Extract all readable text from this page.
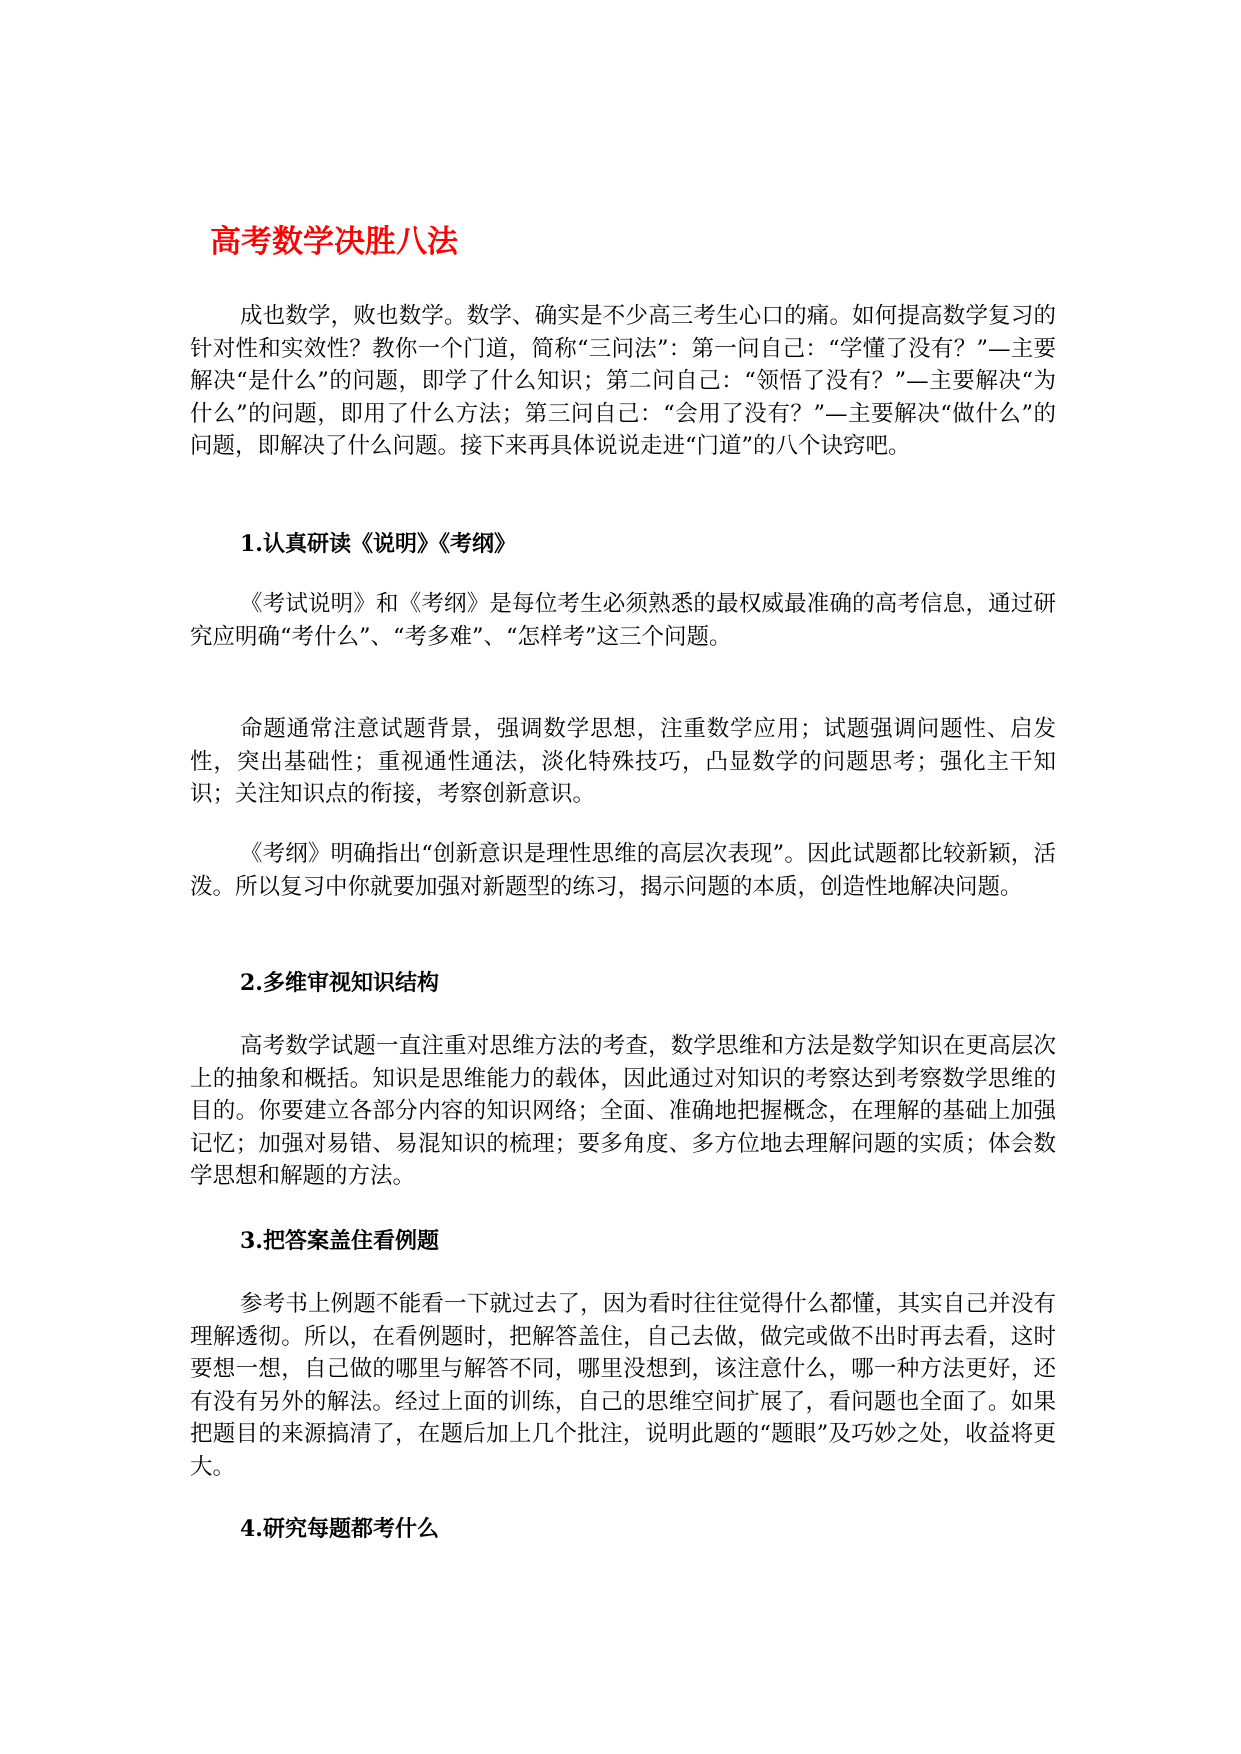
高考数学决胜八法

成也数学，败也数学。数学、确实是不少高三考生心口的痛。如何提高数学复习的针对性和实效性？教你一个门道，简称“三问法”：第一问自己：“学懂了没有？”—主要解决“是什么”的问题，即学了什么知识；第二问自己：“领悟了没有？”—主要解决“为什么”的问题，即用了什么方法；第三问自己：“会用了没有？”—主要解决“做什么”的问题，即解决了什么问题。接下来再具体说说走进“门道”的八个诀窍吧。

1.认真研读《说明》《考纲》

《考试说明》和《考纲》是每位考生必须熟悉的最权威最准确的高考信息，通过研究应明确“考什么”、“考多难”、“怎样考”这三个问题。

命题通常注意试题背景，强调数学思想，注重数学应用；试题强调问题性、启发性，突出基础性；重视通性通法，淡化特殊技巧，凸显数学的问题思考；强化主干知识；关注知识点的衔接，考察创新意识。

《考纲》明确指出“创新意识是理性思维的高层次表现”。因此试题都比较新颖，活泼。所以复习中你就要加强对新题型的练习，揭示问题的本质，创造性地解决问题。

2.多维审视知识结构

高考数学试题一直注重对思维方法的考查，数学思维和方法是数学知识在更高层次上的抽象和概括。知识是思维能力的载体，因此通过对知识的考察达到考察数学思维的目的。你要建立各部分内容的知识网络；全面、准确地把握概念，在理解的基础上加强记忆；加强对易错、易混知识的梳理；要多角度、多方位地去理解问题的实质；体会数学思想和解题的方法。

3.把答案盖住看例题

参考书上例题不能看一下就过去了，因为看时往往觉得什么都懂，其实自己并没有理解透彻。所以，在看例题时，把解答盖住，自己去做，做完或做不出时再去看，这时要想一想，自己做的哪里与解答不同，哪里没想到，该注意什么，哪一种方法更好，还有没有另外的解法。经过上面的训练，自己的思维空间扩展了，看问题也全面了。如果把题目的来源搞清了，在题后加上几个批注，说明此题的“题眼”及巧妙之处，收益将更大。

4.研究每题都考什么
